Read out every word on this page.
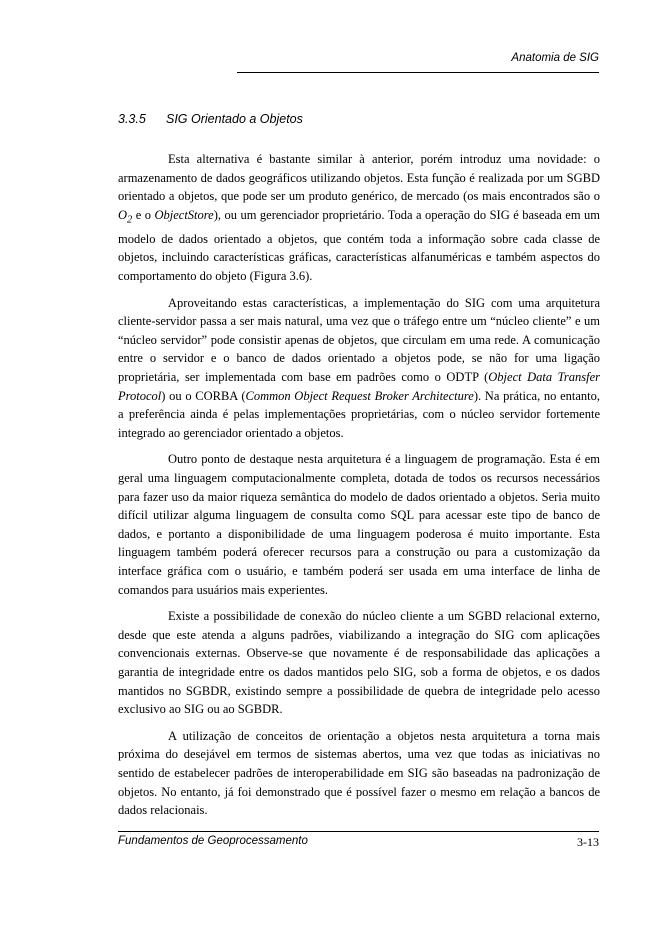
Anatomia de SIG
3.3.5 SIG Orientado a Objetos

Esta alternativa é bastante similar à anterior, porém introduz uma novidade: o armazenamento de dados geográficos utilizando objetos. Esta função é realizada por um SGBD orientado a objetos, que pode ser um produto genérico, de mercado (os mais encontrados são o $O_2$ e o ObjectStore), ou um gerenciador proprietário. Toda a operação do SIG é baseada em um modelo de dados orientado a objetos, que contém toda a informação sobre cada classe de objetos, incluindo características gráficas, características alfanuméricas e também aspectos do comportamento do objeto (Figura 3.6).

Aproveitando estas características, a implementação do SIG com uma arquitetura cliente-servidor passa a ser mais natural, uma vez que o tráfego entre um “núcleo cliente” e um “núcleo servidor” pode consistir apenas de objetos, que circulam em uma rede. A comunicação entre o servidor e o banco de dados orientado a objetos pode, se não for uma ligação proprietária, ser implementada com base em padrões como o ODTP (Object Data Transfer Protocol) ou o CORBA (Common Object Request Broker Architecture). Na prática, no entanto, a preferência ainda é pelas implementações proprietárias, com o núcleo servidor fortemente integrado ao gerenciador orientado a objetos.

Outro ponto de destaque nesta arquitetura é a linguagem de programação. Esta é em geral uma linguagem computacionalmente completa, dotada de todos os recursos necessários para fazer uso da maior riqueza semântica do modelo de dados orientado a objetos. Seria muito difícil utilizar alguma linguagem de consulta como SQL para acessar este tipo de banco de dados, e portanto a disponibilidade de uma linguagem poderosa é muito importante. Esta linguagem também poderá oferecer recursos para a construção ou para a customização da interface gráfica com o usuário, e também poderá ser usada em uma interface de linha de comandos para usuários mais experientes.

Existe a possibilidade de conexão do núcleo cliente a um SGBD relacional externo, desde que este atenda a alguns padrões, viabilizando a integração do SIG com aplicações convencionais externas. Observe-se que novamente é de responsabilidade das aplicações a garantia de integridade entre os dados mantidos pelo SIG, sob a forma de objetos, e os dados mantidos no SGBDR, existindo sempre a possibilidade de quebra de integridade pelo acesso exclusivo ao SIG ou ao SGBDR.

A utilização de conceitos de orientação a objetos nesta arquitetura a torna mais próxima do desejável em termos de sistemas abertos, uma vez que todas as iniciativas no sentido de estabelecer padrões de interoperabilidade em SIG são baseadas na padronização de objetos. No entanto, já foi demonstrado que é possível fazer o mesmo em relação a bancos de dados relacionais.

Fundamentos de Geoprocessamento	3-13
